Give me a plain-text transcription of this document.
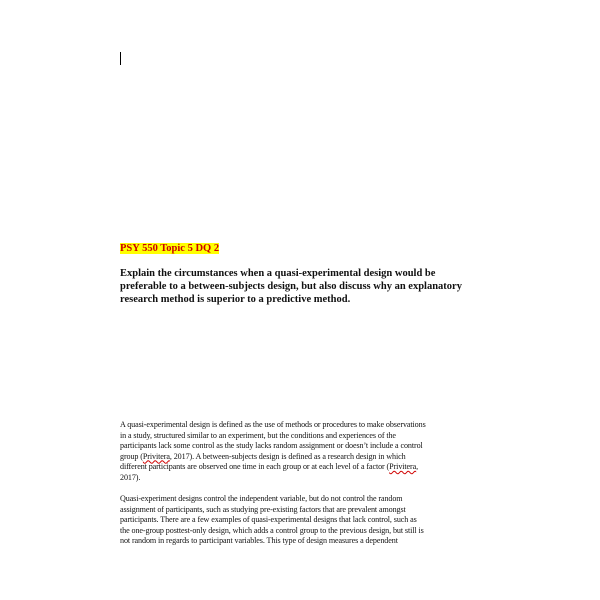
PSY 550 Topic 5 DQ 2
Explain the circumstances when a quasi-experimental design would be
preferable to a between-subjects design, but also discuss why an explanatory
research method is superior to a predictive method.
A quasi-experimental design is defined as the use of methods or procedures to make observations
in a study, structured similar to an experiment, but the conditions and experiences of the
participants lack some control as the study lacks random assignment or doesn’t include a control
group (Privitera, 2017). A between-subjects design is defined as a research design in which
different participants are observed one time in each group or at each level of a factor (Privitera,
2017).
Quasi-experiment designs control the independent variable, but do not control the random
assignment of participants, such as studying pre-existing factors that are prevalent amongst
participants. There are a few examples of quasi-experimental designs that lack control, such as
the one-group posttest-only design, which adds a control group to the previous design, but still is
not random in regards to participant variables. This type of design measures a dependent
